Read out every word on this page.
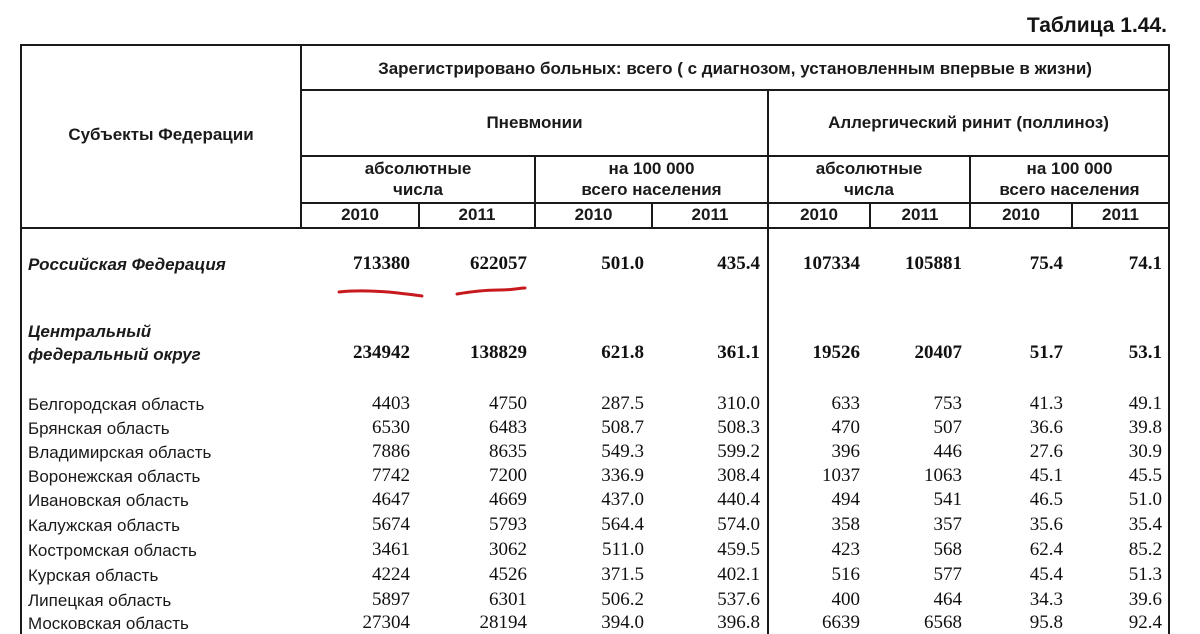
Таблица 1.44.
Субъекты Федерации
Зарегистрировано больных: всего ( с диагнозом, установленным впервые в жизни)
Пневмонии	Аллергический ринит (поллиноз)
абсолютные
числа
на 100 000
всего населения
абсолютные
числа
на 100 000
всего населения
2010	2011	2010	2011	2010	2011	2010	2011
Российская Федерация	713380	622057	501.0	435.4	107334	105881	75.4	74.1
Центральный
федеральный округ	234942	138829	621.8	361.1	19526	20407	51.7	53.1
Белгородская область	4403	4750	287.5	310.0	633	753	41.3	49.1
Брянская область	6530	6483	508.7	508.3	470	507	36.6	39.8
Владимирская область	7886	8635	549.3	599.2	396	446	27.6	30.9
Воронежская область	7742	7200	336.9	308.4	1037	1063	45.1	45.5
Ивановская область	4647	4669	437.0	440.4	494	541	46.5	51.0
Калужская область	5674	5793	564.4	574.0	358	357	35.6	35.4
Костромская область	3461	3062	511.0	459.5	423	568	62.4	85.2
Курская область	4224	4526	371.5	402.1	516	577	45.4	51.3
Липецкая область	5897	6301	506.2	537.6	400	464	34.3	39.6
Московская область	27304	28194	394.0	396.8	6639	6568	95.8	92.4
